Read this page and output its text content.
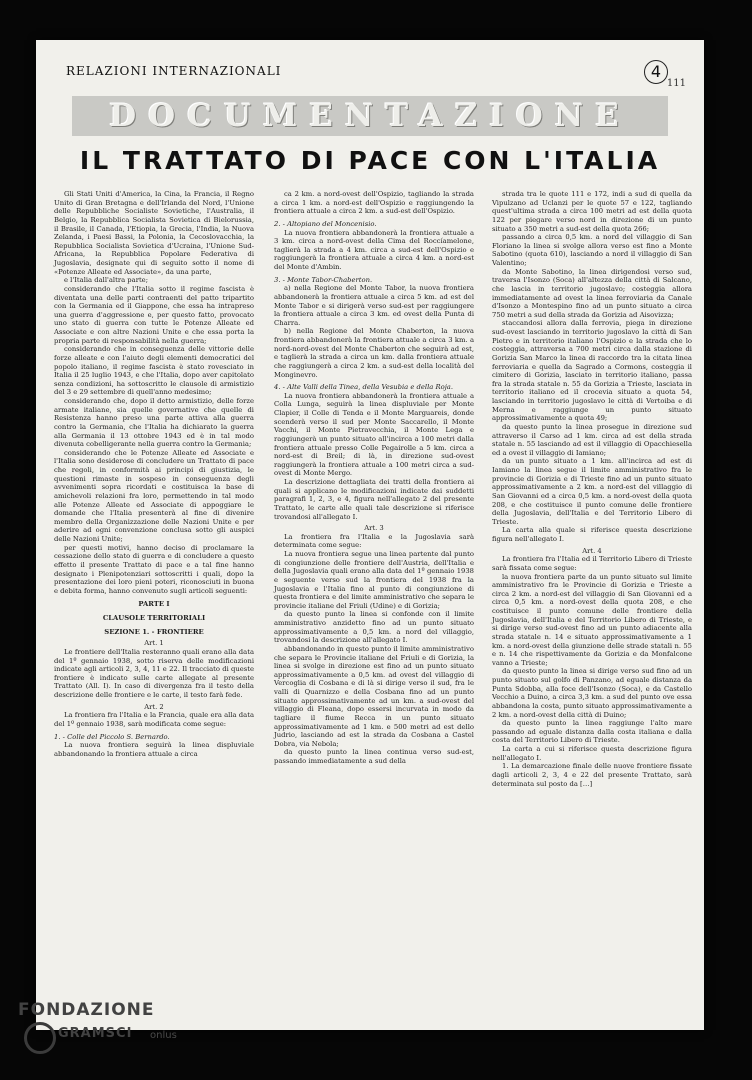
RELAZIONI INTERNAZIONALI	4
111
DOCUMENTAZIONE
IL TRATTATO DI PACE CON L'ITALIA

Gli Stati Uniti d'America, la Cina, la Francia, il Regno Unito di Gran Bretagna e dell'Irlanda del Nord, l'Unione delle Repubbliche Socialiste Sovietiche, l'Australia, il Belgio, la Repubblica Socialista Sovietica di Bielorussia, il Brasile, il Canada, l'Etiopia, la Grecia, l'India, la Nuova Zelanda, i Paesi Bassi, la Polonia, la Cecoslovacchia, la Repubblica Socialista Sovietica d'Ucraina, l'Unione Sud-Africana, la Repubblica Popolare Federativa di Jugoslavia, designate qui di seguito sotto il nome di «Potenze Alleate ed Associate», da una parte,

e l'Italia dall'altra parte;

considerando che l'Italia sotto il regime fascista è diventata una delle parti contraenti del patto tripartito con la Germania ed il Giappone, che essa ha intrapreso una guerra d'aggressione e, per questo fatto, provocato uno stato di guerra con tutte le Potenze Alleate ed Associate e con altre Nazioni Unite e che essa porta la propria parte di responsabilità nella guerra;

considerando che in conseguenza delle vittorie delle forze alleate e con l'aiuto degli elementi democratici del popolo italiano, il regime fascista è stato rovesciato in Italia il 25 luglio 1943, e che l'Italia, dopo aver capitolato senza condizioni, ha sottoscritto le clausole di armistizio del 3 e 29 settembre di quell'anno medesimo;

considerando che, dopo il detto armistizio, delle forze armate italiane, sia quelle governative che quelle di Resistenza hanno preso una parte attiva alla guerra contro la Germania, che l'Italia ha dichiarato la guerra alla Germania il 13 ottobre 1943 ed è in tal modo divenuta cobelligerante nella guerra contro la Germania;

considerando che le Potenze Alleate ed Associate e l'Italia sono desiderose di concludere un Trattato di pace che regoli, in conformità ai principi di giustizia, le questioni rimaste in sospeso in conseguenza degli avvenimenti sopra ricordati e costituisca la base di amichevoli relazioni fra loro, permettendo in tal modo alle Potenze Alleate ed Associate di appoggiare le domande che l'Italia presenterà al fine di divenire membro della Organizzazione delle Nazioni Unite e per aderire ad ogni convenzione conclusa sotto gli auspici delle Nazioni Unite;

per questi motivi, hanno deciso di proclamare la cessazione dello stato di guerra e di concludere a questo effetto il presente Trattato di pace e a tal fine hanno designato i Plenipotenziari sottoscritti i quali, dopo la presentazione dei loro pieni poteri, riconosciuti in buona e debita forma, hanno convenuto sugli articoli seguenti:

PARTE I

CLAUSOLE TERRITORIALI

SEZIONE 1. - FRONTIERE

Art. 1

Le frontiere dell'Italia resteranno quali erano alla data del 1º gennaio 1938, sotto riserva delle modificazioni indicate agli articoli 2, 3, 4, 11 e 22. Il tracciato di queste frontiere è indicato sulle carte allegate al presente Trattato (All. I). In caso di divergenza fra il testo della descrizione delle frontiere e le carte, il testo farà fede.

Art. 2

La frontiera fra l'Italia e la Francia, quale era alla data del 1º gennaio 1938, sarà modificata come segue:

1. - Colle del Piccolo S. Bernardo.

La nuova frontiera seguirà la linea displuviale abbandonando la frontiera attuale a circa

ca 2 km. a nord-ovest dell'Ospizio, tagliando la strada a circa 1 km. a nord-est dell'Ospizio e raggiungendo la frontiera attuale a circa 2 km. a sud-est dell'Ospizio.

2. - Altopiano del Moncenisio.

La nuova frontiera abbandonerà la frontiera attuale a 3 km. circa a nord-ovest della Cima del Roccíamelone, taglierà la strada a 4 km. circa a sud-est dell'Ospizio e raggiungerà la frontiera attuale a circa 4 km. a nord-est del Monte d'Ambin.

3. - Monte Tabor-Chaberton.

a) nella Regione del Monte Tabor, la nuova frontiera abbandonerà la frontiera attuale a circa 5 km. ad est del Monte Tabor e si dirigerà verso sud-est per raggiungere la frontiera attuale a circa 3 km. ed ovest della Punta di Charra.

b) nella Regione del Monte Chaberton, la nuova frontiera abbandonerà la frontiera attuale a circa 3 km. a nord-nord-ovest del Monte Chaberton che seguirà ad est, e taglierà la strada a circa un km. dalla frontiera attuale che raggiungerà a circa 2 km. a sud-est della località del Monginevro.

4. - Alte Valli della Tinea, della Vesubia e della Roja.

La nuova frontiera abbandonerà la frontiera attuale a Colla Lunga, seguirà la linea displuviale per Monte Clapier, il Colle di Tenda e il Monte Marguareis, donde scenderà verso il sud per Monte Saccarello, il Monte Vacchi, il Monte Pietravecchia, il Monte Lega e raggiungerà un punto situato all'incirca a 100 metri dalla frontiera attuale presso Colle Pegairolle a 5 km. circa a nord-est di Breil; di là, in direzione sud-ovest raggiungerà la frontiera attuale a 100 metri circa a sud-ovest di Monte Mergo.

La descrizione dettagliata dei tratti della frontiera ai quali si applicano le modificazioni indicate dai suddetti paragrafi 1, 2, 3, e 4, figura nell'allegato 2 del presente Trattato, le carte alle quali tale descrizione si riferisce trovandosi all'allegato I.

Art. 3

La frontiera fra l'Italia e la Jugoslavia sarà determinata come segue:

La nuova frontiera segue una linea partente dal punto di congiunzione delle frontiere dell'Austria, dell'Italia e della Jugoslavia quali erano alla data del 1º gennaio 1938 e seguente verso sud la frontiera del 1938 fra la Jugoslavia e l'Italia fino al punto di congiunzione di questa frontiera e del limite amministrativo che separa le provincie italiane del Friuli (Udine) e di Gorizia;

da questo punto la linea si confonde con il limite amministrativo anzidetto fino ad un punto situato approssimativamente a 0,5 km. a nord del villaggio, trovandosi la descrizione all'allegato I.

abbandonando in questo punto il limite amministrativo che separa le Provincie italiane del Friuli e di Gorizia, la linea si svolge in direzione est fino ad un punto situato approssimativamente a 0,5 km. ad ovest del villaggio di Vercoglia di Cosbana e di là si dirige verso il sud, fra le valli di Quarnizzo e della Cosbana fino ad un punto situato approssimativamente ad un km. a sud-ovest del villaggio di Fleana, dopo essersi incurvata in modo da tagliare il fiume Recca in un punto situato approssimativamente ad 1 km. e 500 metri ad est dello Judrio, lasciando ad est la strada da Cosbana a Castel Dobra, via Nebola;

da questo punto la linea continua verso sud-est, passando immediatamente a sud della

strada tra le quote 111 e 172, indi a sud di quella da Vipulzano ad Uclanzi per le quote 57 e 122, tagliando quest'ultima strada a circa 100 metri ad est della quota 122 per piegare verso nord in direzione di un punto situato a 350 metri a sud-est della quota 266;

passando a circa 0,5 km. a nord del villaggio di San Floriano la linea si svolge allora verso est fino a Monte Sabotino (quota 610), lasciando a nord il villaggio di San Valentino;

da Monte Sabotino, la linea dirigendosi verso sud, traversa l'Isonzo (Soca) all'altezza della città di Salcano, che lascia in territorio jugoslavo; costeggia allora immediatamente ad ovest la linea ferroviaria da Canale d'Isonzo a Montespino fino ad un punto situato a circa 750 metri a sud della strada da Gorizia ad Aisovizza;

staccandosi allora dalla ferrovia, piega in direzione sud-ovest lasciando in territorio jugoslavo la città di San Pietro e in territorio italiano l'Ospizio e la strada che lo costeggia, attraversa a 700 metri circa dalla stazione di Gorizia San Marco la linea di raccordo tra la citata linea ferroviaria e quella da Sagrado a Cormons, costeggia il cimitero di Gorizia, lasciato in territorio italiano, passa fra la strada statale n. 55 da Gorizia a Trieste, lasciata in territorio italiano ed il crocevia situato a quota 54, lasciando in territorio jugoslavo le città di Vertoiba e di Merna e raggiunge un punto situato approssimativamente a quota 49;

da questo punto la linea prosegue in direzione sud attraverso il Carso ad 1 km. circa ad est della strada statale n. 55 lasciando ad est il villaggio di Opacchiesella ed a ovest il villaggio di Iamiano;

da un punto situato a 1 km. all'incirca ad est di Iamiano la linea segue il limite amministrativo fra le provincie di Gorizia e di Trieste fino ad un punto situato approssimativamente a 2 km. a nord-est del villaggio di San Giovanni ed a circa 0,5 km. a nord-ovest della quota 208, e che costituisce il punto comune delle frontiere della Jugoslavia, dell'Italia e del Territorio Libero di Trieste.

La carta alla quale si riferisce questa descrizione figura nell'allegato I.

Art. 4

La frontiera fra l'Italia ed il Territorio Libero di Trieste sarà fissata come segue:

la nuova frontiera parte da un punto situato sul limite amministrativo fra le Provincie di Gorizia e Trieste a circa 2 km. a nord-est del villaggio di San Giovanni ed a circa 0,5 km. a nord-ovest della quota 208, e che costituisce il punto comune delle frontiere della Jugoslavia, dell'Italia e del Territorio Libero di Trieste, e si dirige verso sud-ovest fino ad un punto adiacente alla strada statale n. 14 e situato approssimativamente a 1 km. a nord-ovest della giunzione delle strade statali n. 55 e n. 14 che rispettivamente da Gorizia e da Monfalcone vanno a Trieste;

da questo punto la linea si dirige verso sud fino ad un punto situato sul golfo di Panzano, ad eguale distanza da Punta Sdobba, alla foce dell'Isonzo (Soca), e da Castello Vecchio a Duino, a circa 3,3 km. a sud del punto ove essa abbandona la costa, punto situato approssimativamente a 2 km. a nord-ovest della città di Duino;

da questo punto la linea raggiunge l'alto mare passando ad eguale distanza dalla costa italiana e dalla costa del Territorio Libero di Trieste.

La carta a cui si riferisce questa descrizione figura nell'allegato I.

1. La demarcazione finale delle nuove frontiere fissate dagli articoli 2, 3, 4 e 22 del presente Trattato, sarà determinata sul posto da […]

FONDAZIONE
GRAMSCI onlus
